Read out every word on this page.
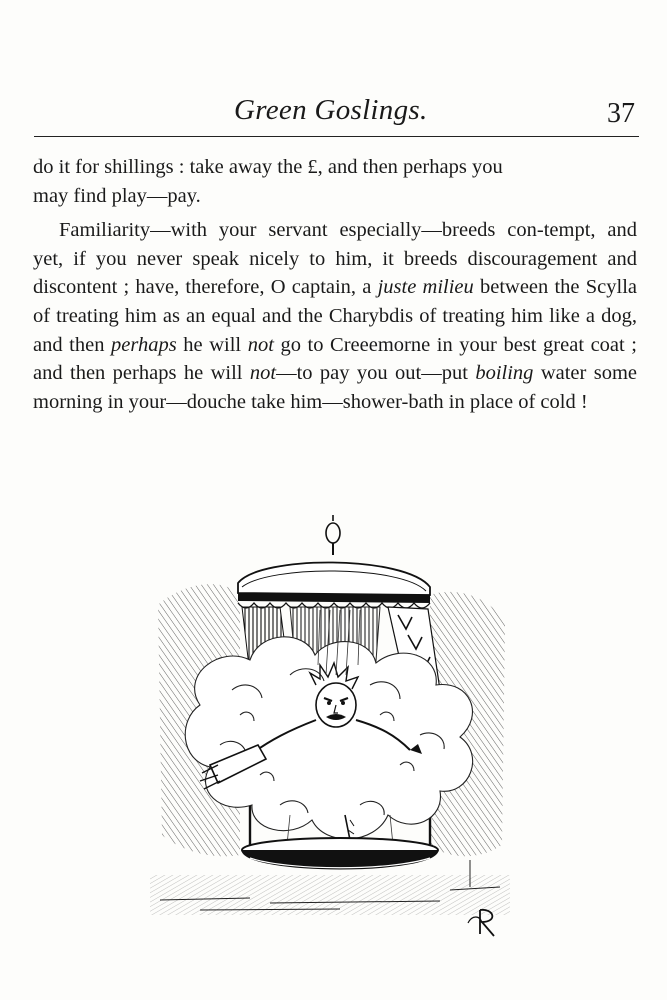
Green Goslings.	37

do it for shillings : take away the £, and then perhaps you
may find play—pay.

Familiarity—with your servant especially—breeds con-tempt, and yet, if you never speak nicely to him, it breeds discouragement and discontent ; have, therefore, O captain, a juste milieu between the Scylla of treating him as an equal and the Charybdis of treating him like a dog, and then perhaps he will not go to Creeemorne in your best great coat ; and then perhaps he will not—to pay you out—put boiling water some morning in your—douche take him—shower-bath in place of cold !
